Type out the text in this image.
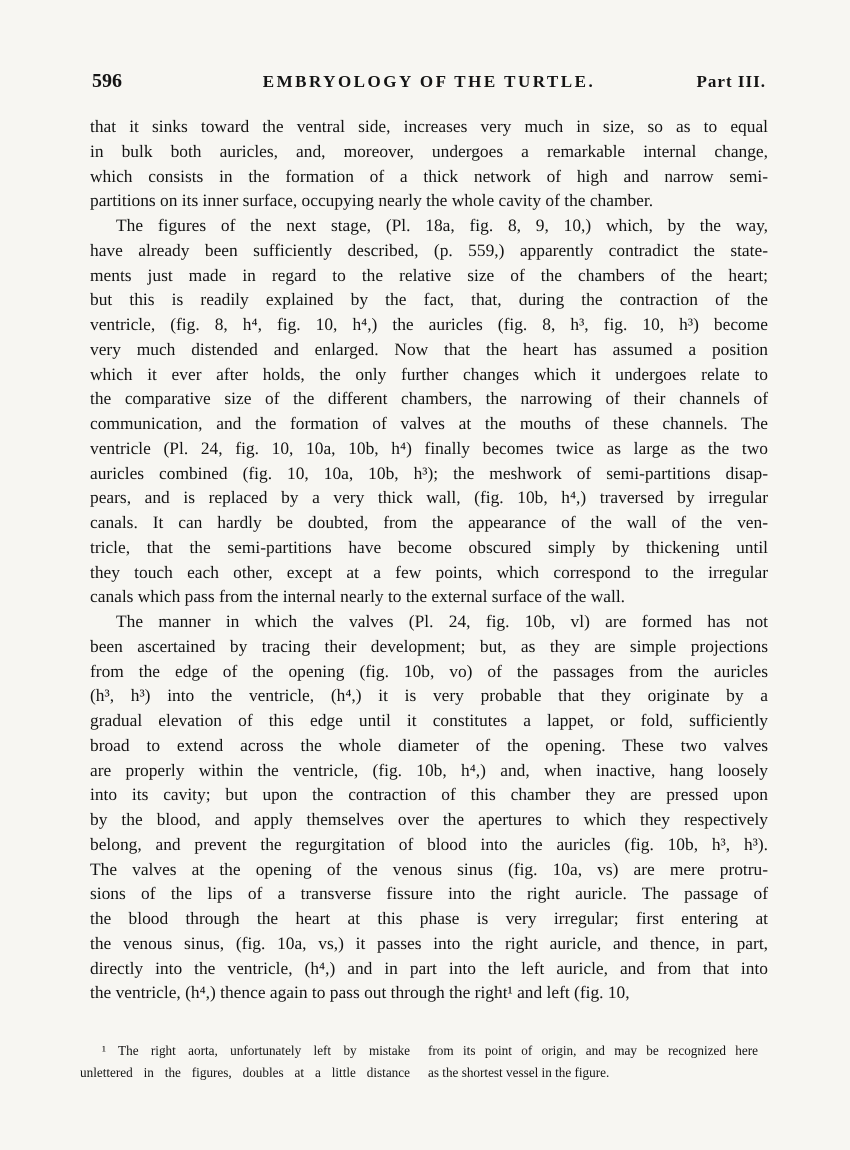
596	EMBRYOLOGY OF THE TURTLE.	Part III.
that it sinks toward the ventral side, increases very much in size, so as to equal
in bulk both auricles, and, moreover, undergoes a remarkable internal change,
which consists in the formation of a thick network of high and narrow semi-
partitions on its inner surface, occupying nearly the whole cavity of the chamber.
The figures of the next stage, (Pl. 18a, fig. 8, 9, 10,) which, by the way,
have already been sufficiently described, (p. 559,) apparently contradict the state-
ments just made in regard to the relative size of the chambers of the heart;
but this is readily explained by the fact, that, during the contraction of the
ventricle, (fig. 8, h⁴, fig. 10, h⁴,) the auricles (fig. 8, h³, fig. 10, h³) become
very much distended and enlarged. Now that the heart has assumed a position
which it ever after holds, the only further changes which it undergoes relate to
the comparative size of the different chambers, the narrowing of their channels of
communication, and the formation of valves at the mouths of these channels. The
ventricle (Pl. 24, fig. 10, 10a, 10b, h⁴) finally becomes twice as large as the two
auricles combined (fig. 10, 10a, 10b, h³); the meshwork of semi-partitions disap-
pears, and is replaced by a very thick wall, (fig. 10b, h⁴,) traversed by irregular
canals. It can hardly be doubted, from the appearance of the wall of the ven-
tricle, that the semi-partitions have become obscured simply by thickening until
they touch each other, except at a few points, which correspond to the irregular
canals which pass from the internal nearly to the external surface of the wall.
The manner in which the valves (Pl. 24, fig. 10b, vl) are formed has not
been ascertained by tracing their development; but, as they are simple projections
from the edge of the opening (fig. 10b, vo) of the passages from the auricles
(h³, h³) into the ventricle, (h⁴,) it is very probable that they originate by a
gradual elevation of this edge until it constitutes a lappet, or fold, sufficiently
broad to extend across the whole diameter of the opening. These two valves
are properly within the ventricle, (fig. 10b, h⁴,) and, when inactive, hang loosely
into its cavity; but upon the contraction of this chamber they are pressed upon
by the blood, and apply themselves over the apertures to which they respectively
belong, and prevent the regurgitation of blood into the auricles (fig. 10b, h³, h³).
The valves at the opening of the venous sinus (fig. 10a, vs) are mere protru-
sions of the lips of a transverse fissure into the right auricle. The passage of
the blood through the heart at this phase is very irregular; first entering at
the venous sinus, (fig. 10a, vs,) it passes into the right auricle, and thence, in part,
directly into the ventricle, (h⁴,) and in part into the left auricle, and from that into
the ventricle, (h⁴,) thence again to pass out through the right¹ and left (fig. 10,
¹ The right aorta, unfortunately left by mistake
unlettered in the figures, doubles at a little distance
from its point of origin, and may be recognized here
as the shortest vessel in the figure.
